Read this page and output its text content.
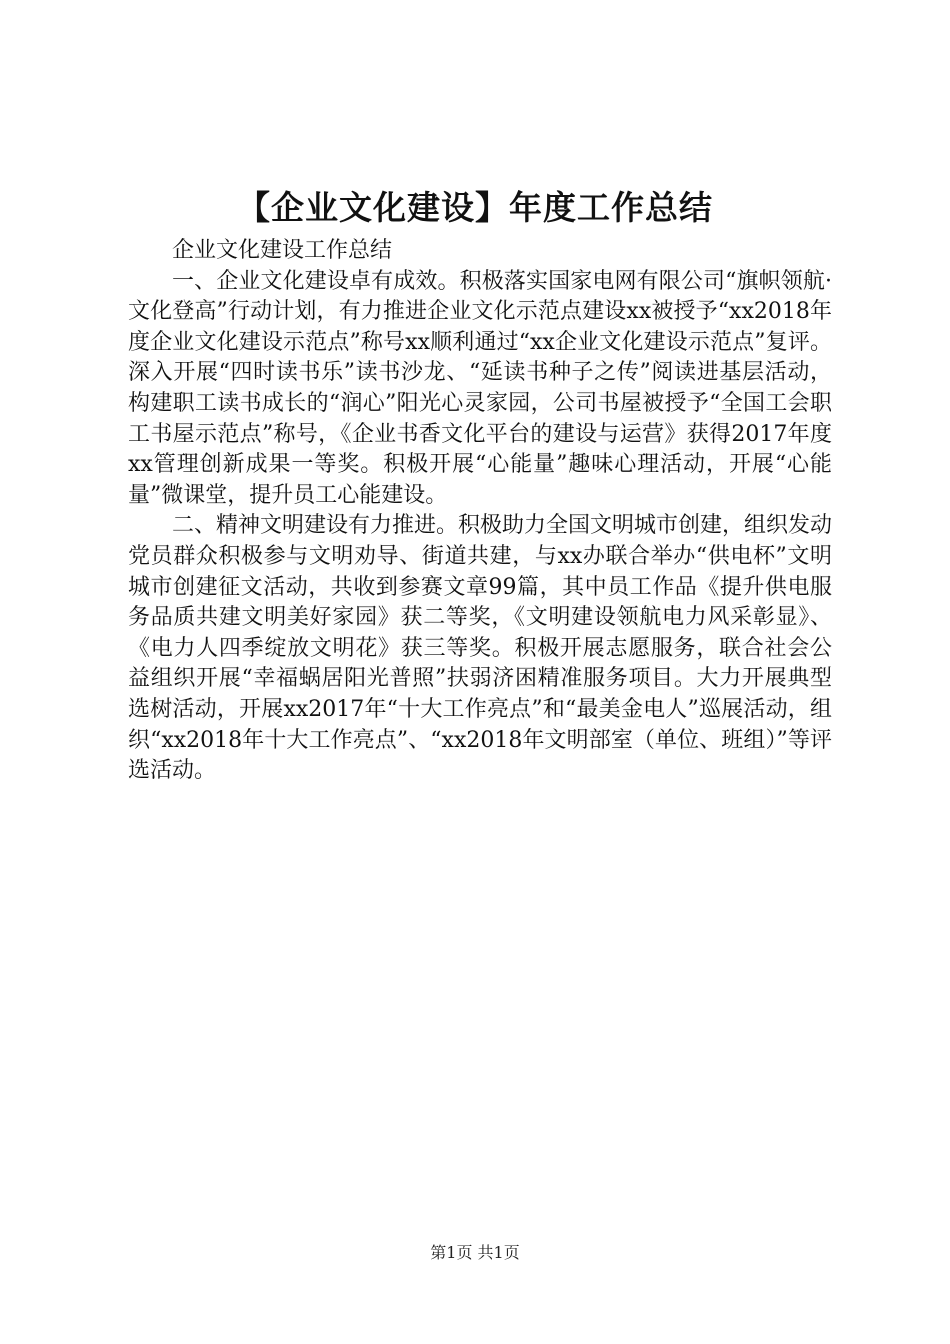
【企业文化建设】年度工作总结

企业文化建设工作总结

一、企业文化建设卓有成效。积极落实国家电网有限公司“旗帜领航·文化登高”行动计划，有力推进企业文化示范点建设xx被授予“xx2018年度企业文化建设示范点”称号xx顺利通过“xx企业文化建设示范点”复评。深入开展“四时读书乐”读书沙龙、“延读书种子之传”阅读进基层活动，构建职工读书成长的“润心”阳光心灵家园，公司书屋被授予“全国工会职工书屋示范点”称号，《企业书香文化平台的建设与运营》获得2017年度xx管理创新成果一等奖。积极开展“心能量”趣味心理活动，开展“心能量”微课堂，提升员工心能建设。

二、精神文明建设有力推进。积极助力全国文明城市创建，组织发动党员群众积极参与文明劝导、街道共建，与xx办联合举办“供电杯”文明城市创建征文活动，共收到参赛文章99篇，其中员工作品《提升供电服务品质共建文明美好家园》获二等奖，《文明建设领航电力风采彰显》、《电力人四季绽放文明花》获三等奖。积极开展志愿服务，联合社会公益组织开展“幸福蜗居阳光普照”扶弱济困精准服务项目。大力开展典型选树活动，开展xx2017年“十大工作亮点”和“最美金电人”巡展活动，组织“xx2018年十大工作亮点”、“xx2018年文明部室（单位、班组）”等评选活动。

第1页 共1页
